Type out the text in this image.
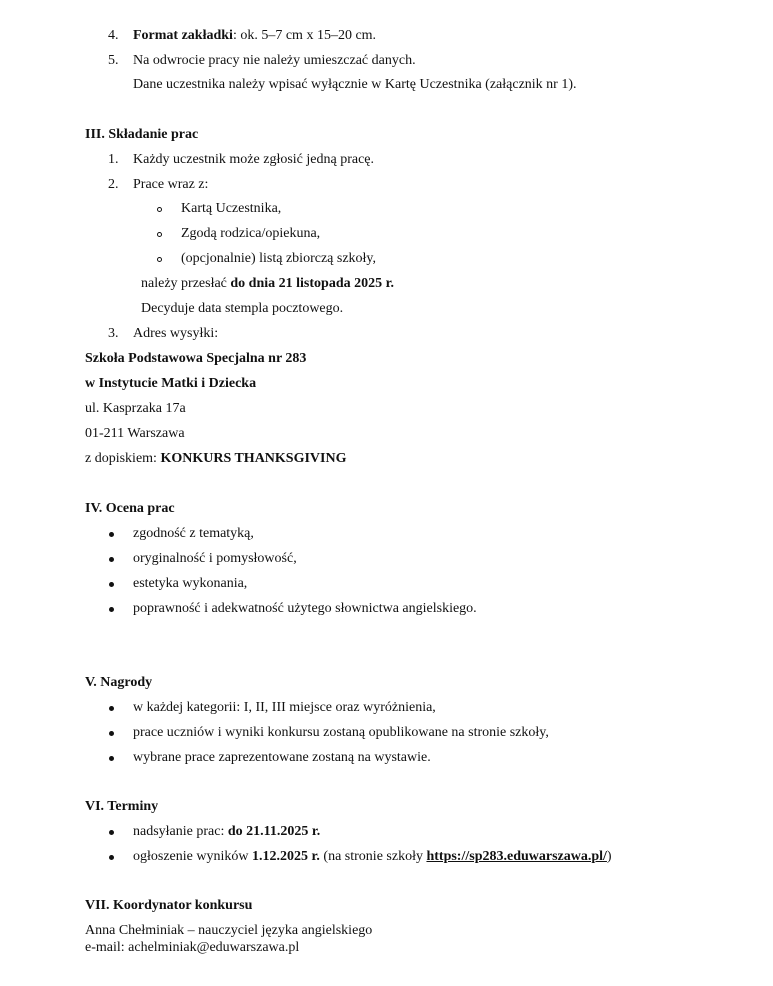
4. Format zakładki: ok. 5–7 cm x 15–20 cm.
5. Na odwrocie pracy nie należy umieszczać danych.
Dane uczestnika należy wpisać wyłącznie w Kartę Uczestnika (załącznik nr 1).
III. Składanie prac
1. Każdy uczestnik może zgłosić jedną pracę.
2. Prace wraz z:
Kartą Uczestnika,
Zgodą rodzica/opiekuna,
(opcjonalnie) listą zbiorczą szkoły,
należy przesłać do dnia 21 listopada 2025 r.
Decyduje data stempla pocztowego.
3. Adres wysyłki:
Szkoła Podstawowa Specjalna nr 283
w Instytucie Matki i Dziecka
ul. Kasprzaka 17a
01-211 Warszawa
z dopiskiem: KONKURS THANKSGIVING
IV. Ocena prac
zgodność z tematyką,
oryginalność i pomysłowość,
estetyka wykonania,
poprawność i adekwatność użytego słownictwa angielskiego.
V. Nagrody
w każdej kategorii: I, II, III miejsce oraz wyróżnienia,
prace uczniów i wyniki konkursu zostaną opublikowane na stronie szkoły,
wybrane prace zaprezentowane zostaną na wystawie.
VI. Terminy
nadsyłanie prac: do 21.11.2025 r.
ogłoszenie wyników 1.12.2025 r. (na stronie szkoły https://sp283.eduwarszawa.pl/)
VII. Koordynator konkursu
Anna Chełminiak – nauczyciel języka angielskiego
e-mail: achelminiak@eduwarszawa.pl
